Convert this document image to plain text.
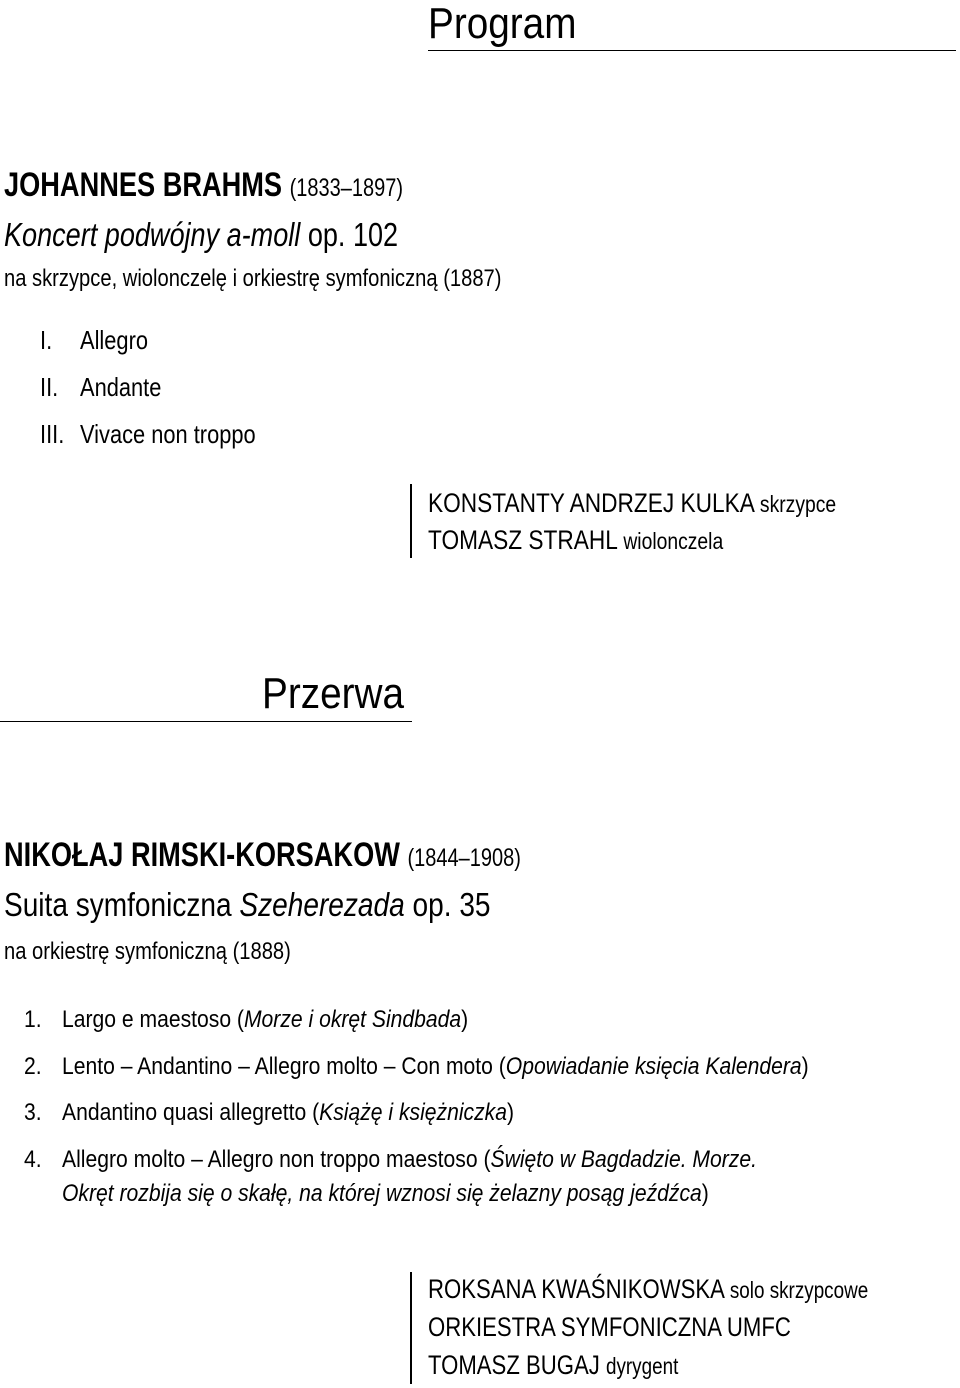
Program
JOHANNES BRAHMS (1833–1897)
Koncert podwójny a-moll op. 102
na skrzypce, wiolonczelę i orkiestrę symfoniczną (1887)
I. Allegro
II. Andante
III. Vivace non troppo
KONSTANTY ANDRZEJ KULKA skrzypce
TOMASZ STRAHL wiolonczela
Przerwa
NIKOŁAJ RIMSKI-KORSAKOW (1844–1908)
Suita symfoniczna Szeherezada op. 35
na orkiestrę symfoniczną (1888)
1. Largo e maestoso (Morze i okręt Sindbada)
2. Lento – Andantino – Allegro molto – Con moto (Opowiadanie księcia Kalendera)
3. Andantino quasi allegretto (Książę i księżniczka)
4. Allegro molto – Allegro non troppo maestoso (Święto w Bagdadzie. Morze.
Okręt rozbija się o skałę, na której wznosi się żelazny posąg jeźdźca)
ROKSANA KWAŚNIKOWSKA solo skrzypcowe
ORKIESTRA SYMFONICZNA UMFC
TOMASZ BUGAJ dyrygent
